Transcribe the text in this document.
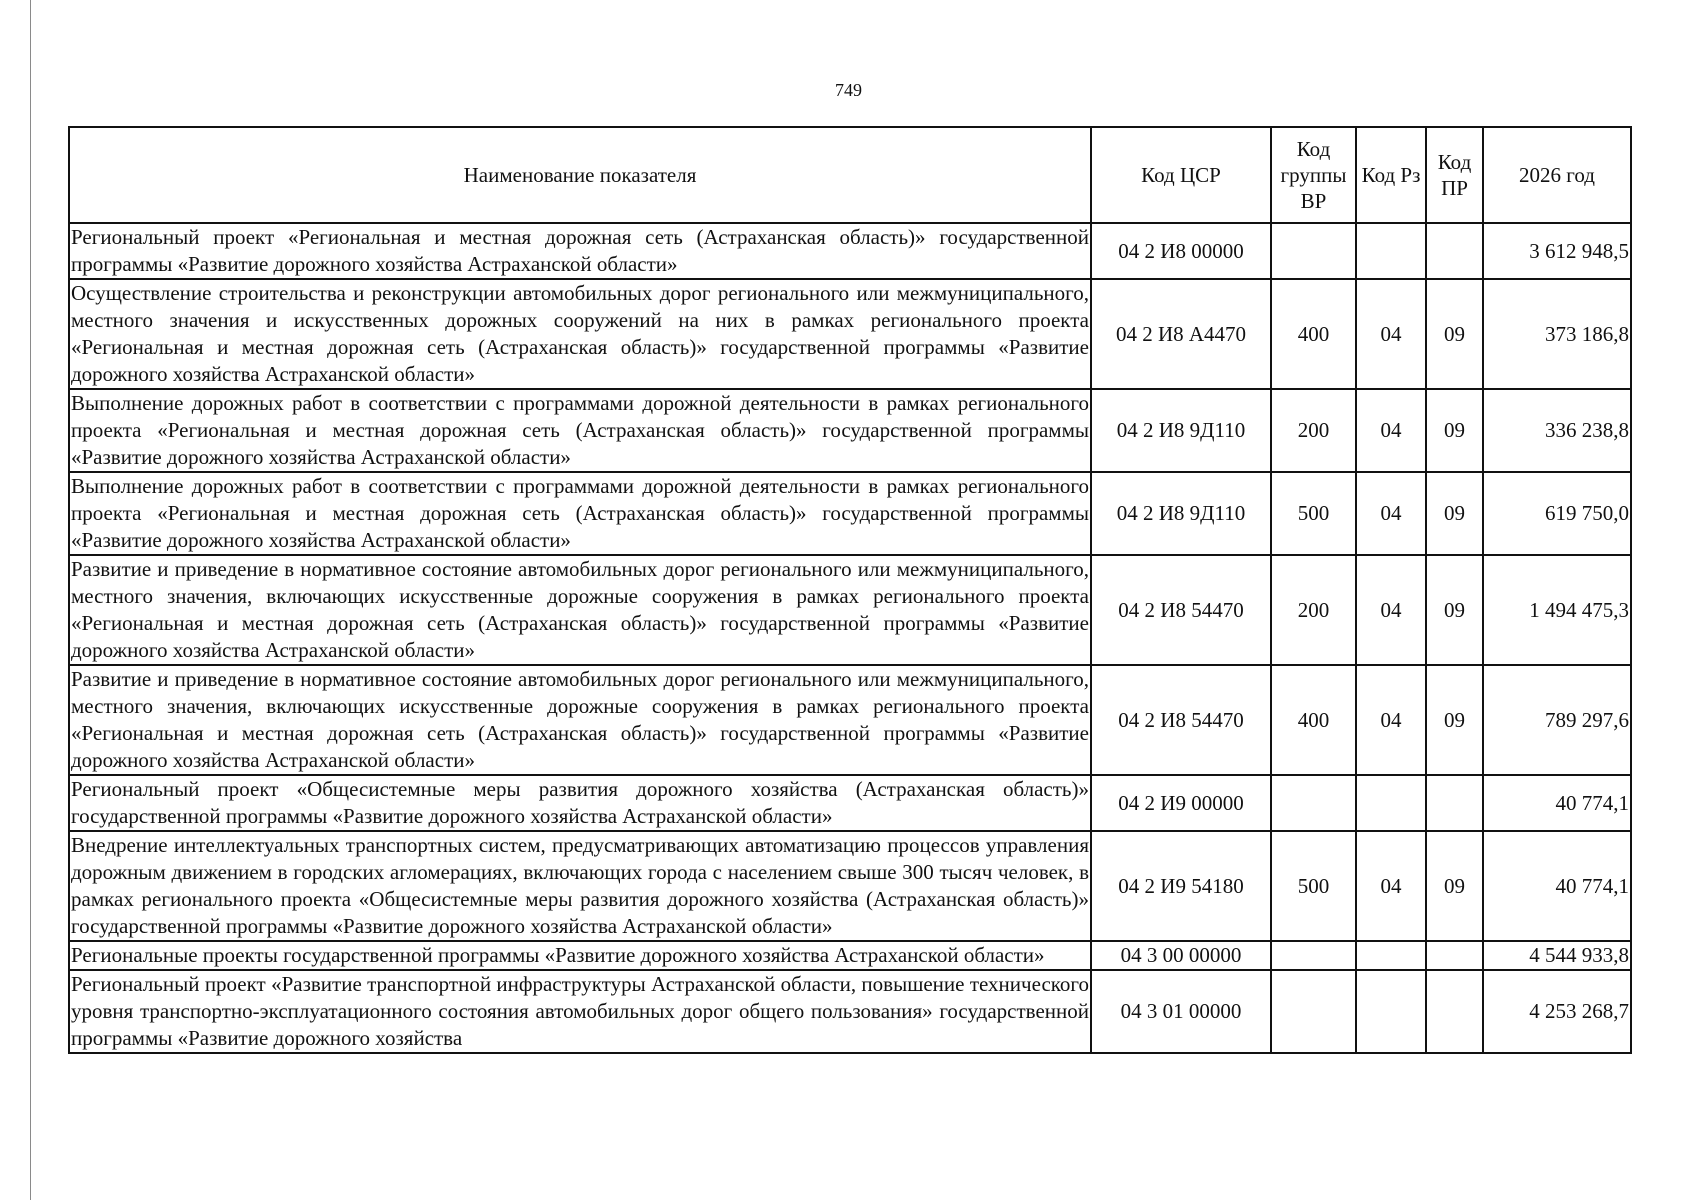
749
Наименование показателя	Код ЦСР	Код группы ВР	Код Рз	Код ПР	2026 год
Региональный проект «Региональная и местная дорожная сеть (Астраханская область)» государственной программы «Развитие дорожного хозяйства Астраханской области»	04 2 И8 00000				3 612 948,5
Осуществление строительства и реконструкции автомобильных дорог регионального или межмуниципального, местного значения и искусственных дорожных сооружений на них в рамках регионального проекта «Региональная и местная дорожная сеть (Астраханская область)» государственной программы «Развитие дорожного хозяйства Астраханской области»	04 2 И8 А4470	400	04	09	373 186,8
Выполнение дорожных работ в соответствии с программами дорожной деятельности в рамках регионального проекта «Региональная и местная дорожная сеть (Астраханская область)» государственной программы «Развитие дорожного хозяйства Астраханской области»	04 2 И8 9Д110	200	04	09	336 238,8
Выполнение дорожных работ в соответствии с программами дорожной деятельности в рамках регионального проекта «Региональная и местная дорожная сеть (Астраханская область)» государственной программы «Развитие дорожного хозяйства Астраханской области»	04 2 И8 9Д110	500	04	09	619 750,0
Развитие и приведение в нормативное состояние автомобильных дорог регионального или межмуниципального, местного значения, включающих искусственные дорожные сооружения в рамках регионального проекта «Региональная и местная дорожная сеть (Астраханская область)» государственной программы «Развитие дорожного хозяйства Астраханской области»	04 2 И8 54470	200	04	09	1 494 475,3
Развитие и приведение в нормативное состояние автомобильных дорог регионального или межмуниципального, местного значения, включающих искусственные дорожные сооружения в рамках регионального проекта «Региональная и местная дорожная сеть (Астраханская область)» государственной программы «Развитие дорожного хозяйства Астраханской области»	04 2 И8 54470	400	04	09	789 297,6
Региональный проект «Общесистемные меры развития дорожного хозяйства (Астраханская область)» государственной программы «Развитие дорожного хозяйства Астраханской области»	04 2 И9 00000				40 774,1
Внедрение интеллектуальных транспортных систем, предусматривающих автоматизацию процессов управления дорожным движением в городских агломерациях, включающих города с населением свыше 300 тысяч человек, в рамках регионального проекта «Общесистемные меры развития дорожного хозяйства (Астраханская область)» государственной программы «Развитие дорожного хозяйства Астраханской области»	04 2 И9 54180	500	04	09	40 774,1
Региональные проекты государственной программы «Развитие дорожного хозяйства Астраханской области»	04 3 00 00000				4 544 933,8
Региональный проект «Развитие транспортной инфраструктуры Астраханской области, повышение технического уровня транспортно-эксплуатационного состояния автомобильных дорог общего пользования» государственной программы «Развитие дорожного хозяйства	04 3 01 00000				4 253 268,7
